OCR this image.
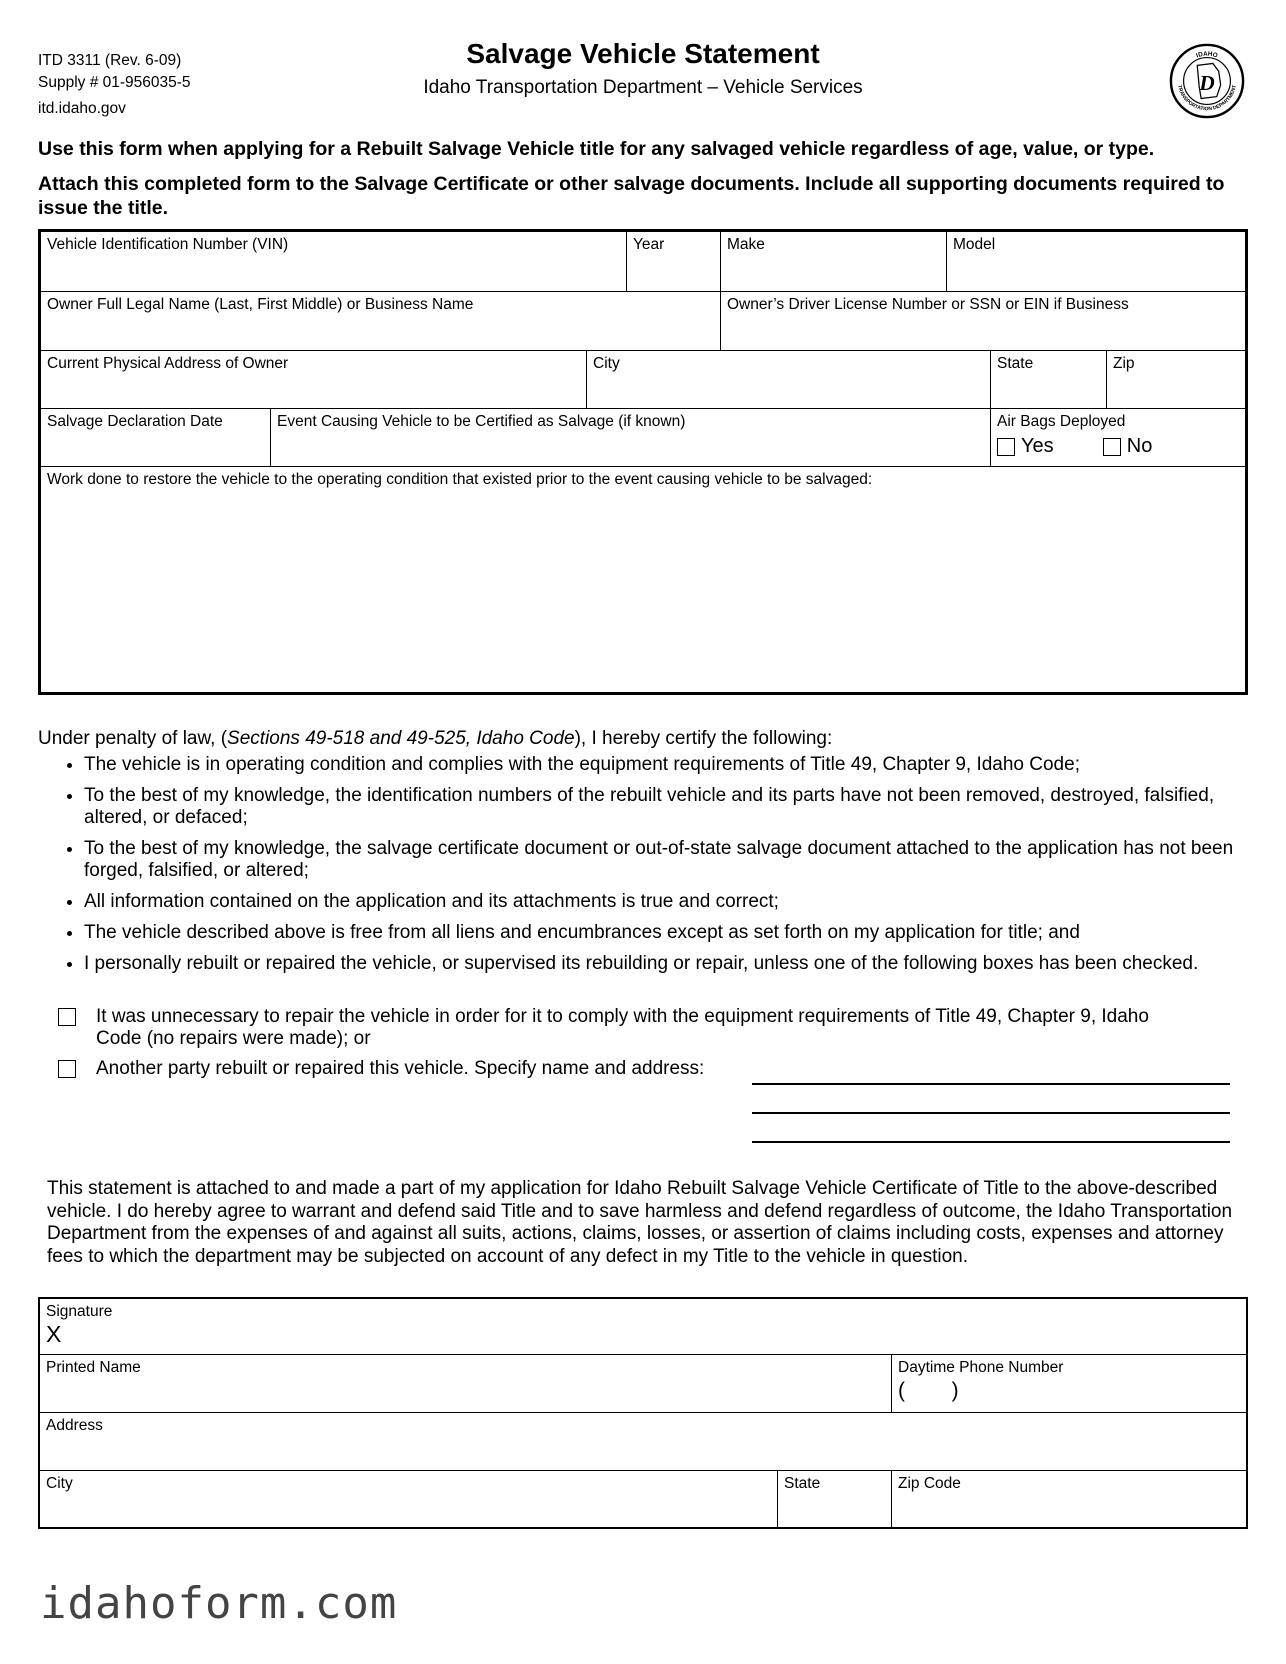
ITD 3311 (Rev. 6-09)
Supply # 01-956035-5
itd.idaho.gov
Salvage Vehicle Statement
Idaho Transportation Department – Vehicle Services
IDAHO
TRANSPORTATION DEPARTMENT
D
Use this form when applying for a Rebuilt Salvage Vehicle title for any salvaged vehicle regardless of age, value, or type.
Attach this completed form to the Salvage Certificate or other salvage documents. Include all supporting documents required to issue the title.
Vehicle Identification Number (VIN)	Year	Make	Model
Owner Full Legal Name (Last, First Middle) or Business Name	Owner’s Driver License Number or SSN or EIN if Business
Current Physical Address of Owner	City	State	Zip
Salvage Declaration Date	Event Causing Vehicle to be Certified as Salvage (if known)	Air Bags Deployed
Yes	No
Work done to restore the vehicle to the operating condition that existed prior to the event causing vehicle to be salvaged:
Under penalty of law, (Sections 49-518 and 49-525, Idaho Code), I hereby certify the following:
• The vehicle is in operating condition and complies with the equipment requirements of Title 49, Chapter 9, Idaho Code;
• To the best of my knowledge, the identification numbers of the rebuilt vehicle and its parts have not been removed, destroyed, falsified, altered, or defaced;
• To the best of my knowledge, the salvage certificate document or out-of-state salvage document attached to the application has not been forged, falsified, or altered;
• All information contained on the application and its attachments is true and correct;
• The vehicle described above is free from all liens and encumbrances except as set forth on my application for title; and
• I personally rebuilt or repaired the vehicle, or supervised its rebuilding or repair, unless one of the following boxes has been checked.
It was unnecessary to repair the vehicle in order for it to comply with the equipment requirements of Title 49, Chapter 9, Idaho Code (no repairs were made); or
Another party rebuilt or repaired this vehicle. Specify name and address:
This statement is attached to and made a part of my application for Idaho Rebuilt Salvage Vehicle Certificate of Title to the above-described vehicle. I do hereby agree to warrant and defend said Title and to save harmless and defend regardless of outcome, the Idaho Transportation Department from the expenses of and against all suits, actions, claims, losses, or assertion of claims including costs, expenses and attorney fees to which the department may be subjected on account of any defect in my Title to the vehicle in question.
Signature
X
Printed Name	Daytime Phone Number
(        )
Address
City	State	Zip Code
idahoform.com
